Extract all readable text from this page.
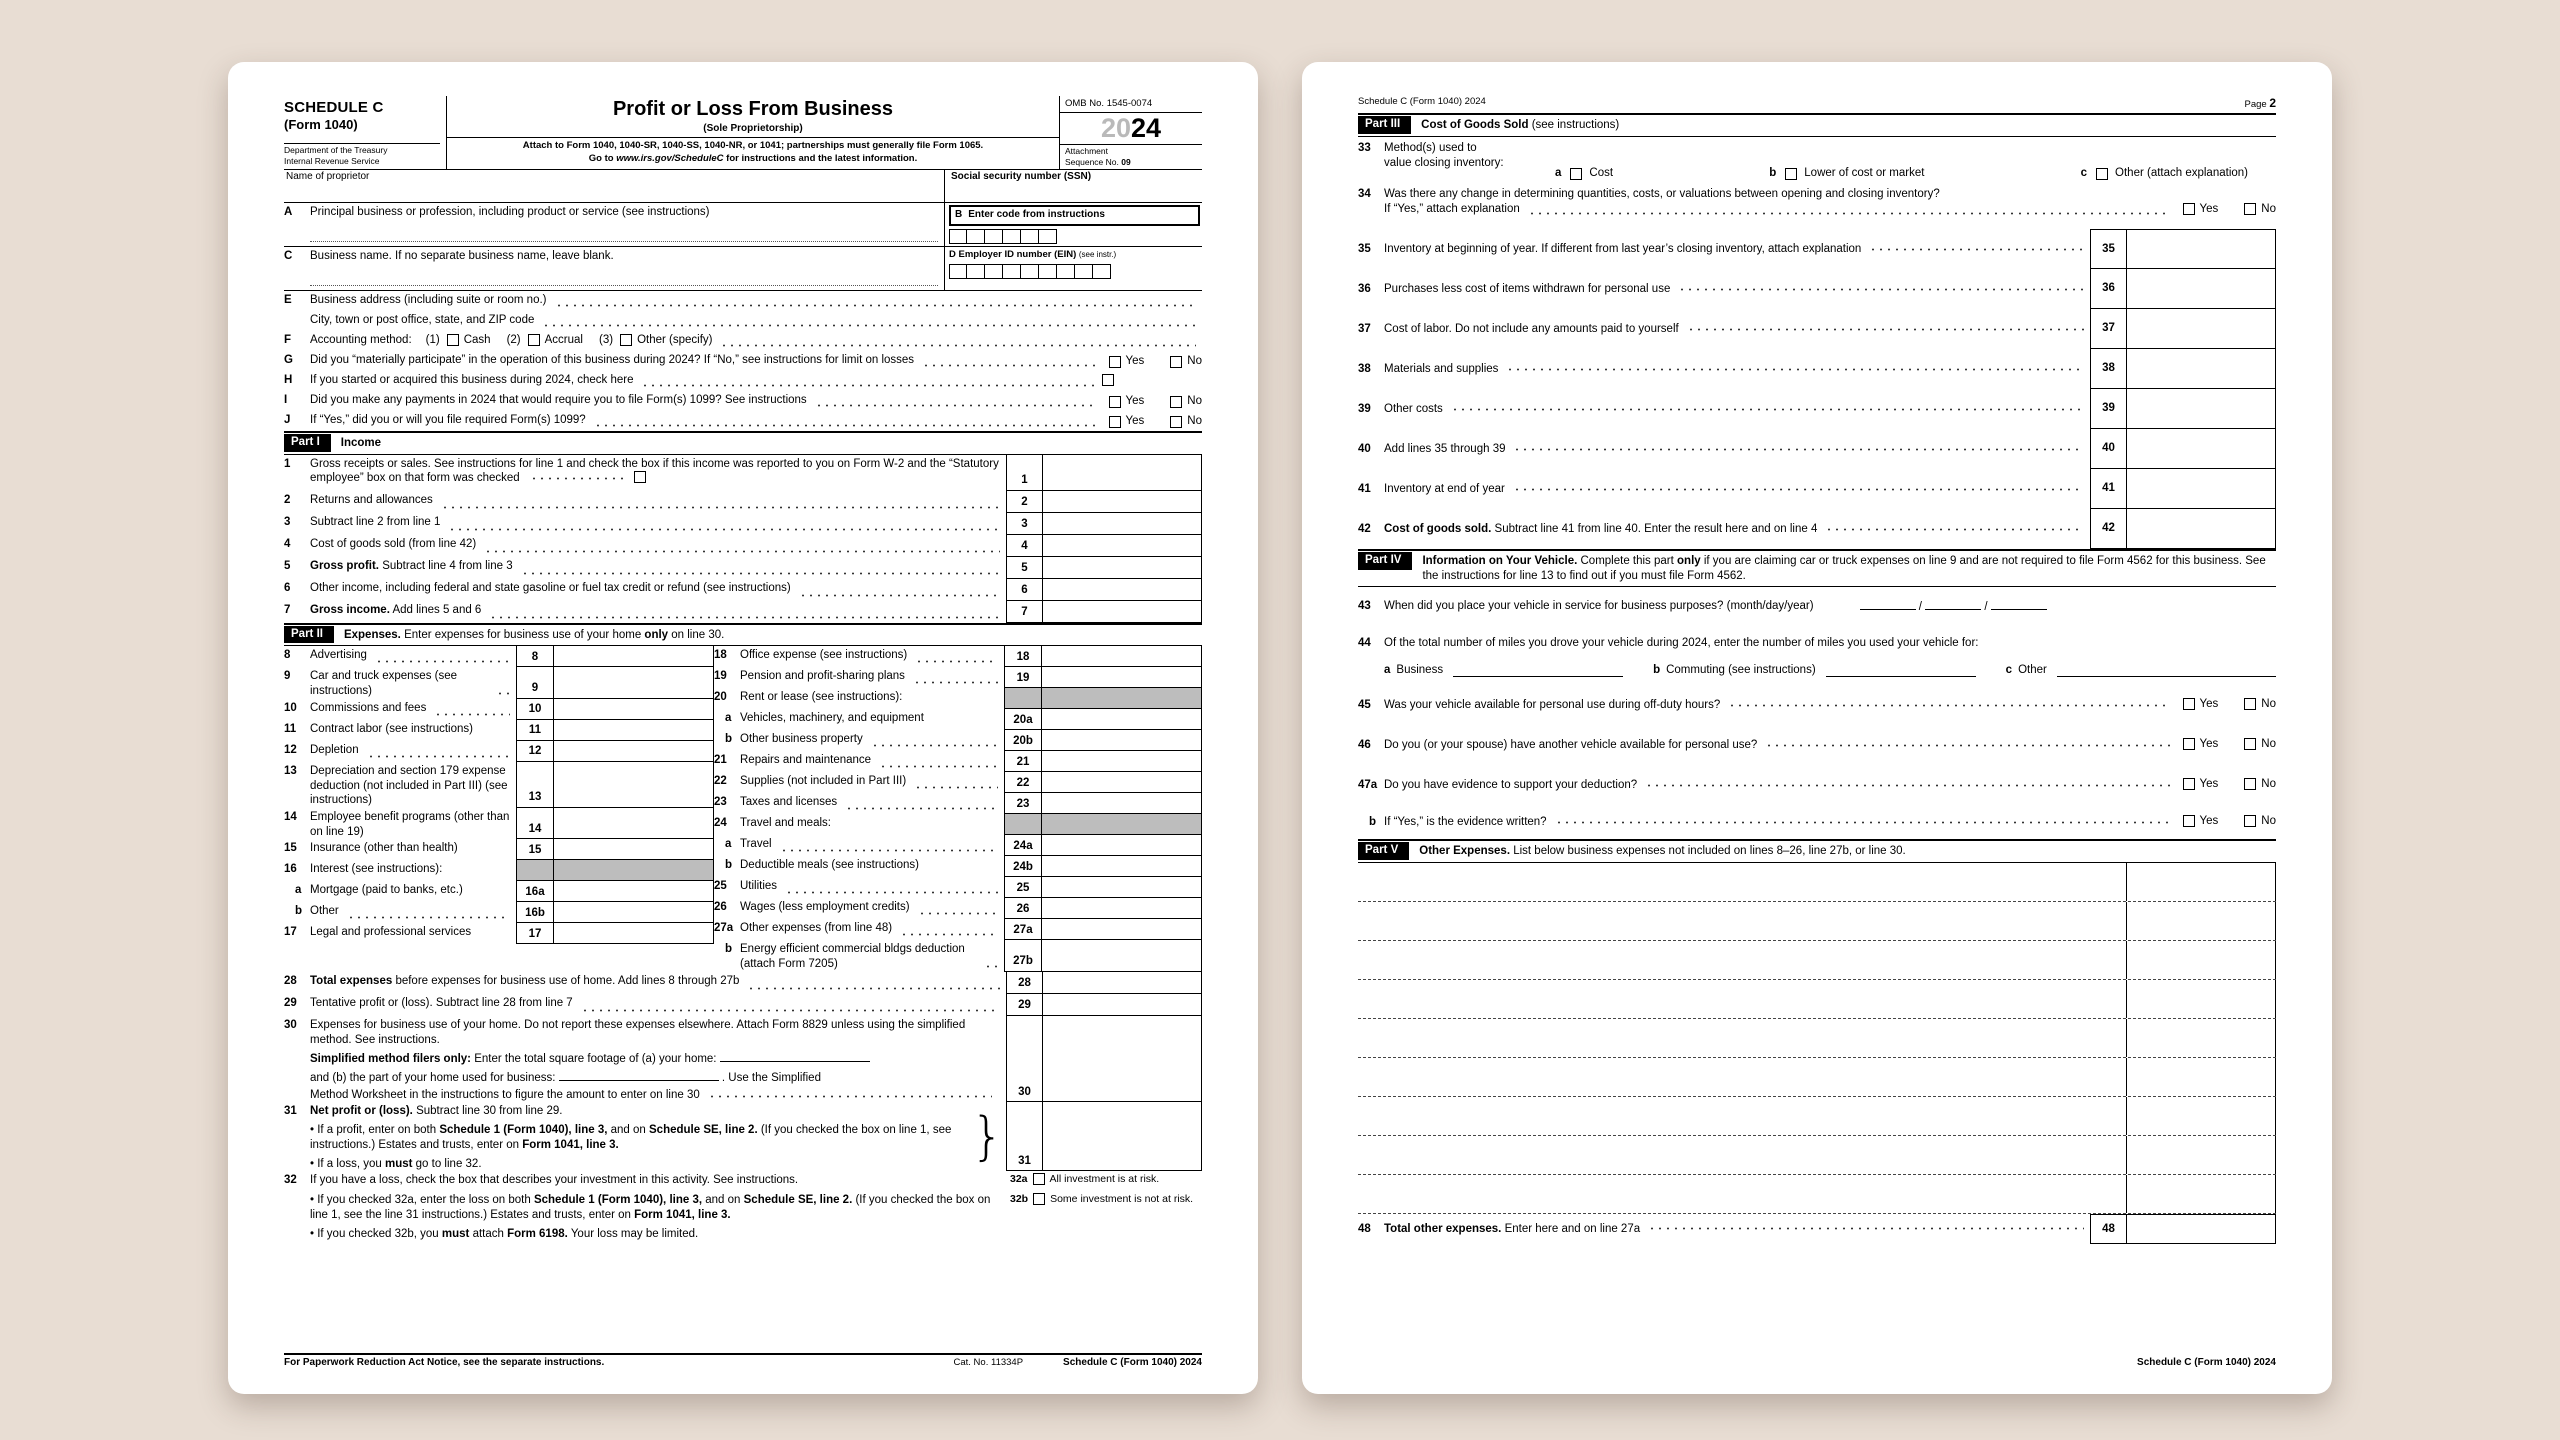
SCHEDULE C
(Form 1040)
Department of the Treasury
Internal Revenue Service
Profit or Loss From Business
(Sole Proprietorship)
Attach to Form 1040, 1040-SR, 1040-SS, 1040-NR, or 1041; partnerships must generally file Form 1065.
Go to www.irs.gov/ScheduleC for instructions and the latest information.
OMB No. 1545-0074
2024
Attachment
Sequence No. 09
Name of proprietor	Social security number (SSN)
A	Principal business or profession, including product or service (see instructions)	B Enter code from instructions
C	Business name. If no separate business name, leave blank.	D Employer ID number (EIN) (see instr.)
E	Business address (including suite or room no.)
City, town or post office, state, and ZIP code
F	Accounting method: (1) Cash (2) Accrual (3) Other (specify)
G	Did you “materially participate” in the operation of this business during 2024? If “No,” see instructions for limit on losses	Yes	No
H	If you started or acquired this business during 2024, check here
I	Did you make any payments in 2024 that would require you to file Form(s) 1099? See instructions	Yes	No
J	If “Yes,” did you or will you file required Form(s) 1099?	Yes	No
Part I	Income
1	Gross receipts or sales. See instructions for line 1 and check the box if this income was reported to you on Form W-2 and the “Statutory employee” box on that form was checked	1
2	Returns and allowances	2
3	Subtract line 2 from line 1	3
4	Cost of goods sold (from line 42)	4
5	Gross profit. Subtract line 4 from line 3	5
6	Other income, including federal and state gasoline or fuel tax credit or refund (see instructions)	6
7	Gross income. Add lines 5 and 6	7
Part II	Expenses. Enter expenses for business use of your home only on line 30.
8	Advertising	8
9	Car and truck expenses (see instructions)	9
10	Commissions and fees	10
11	Contract labor (see instructions)	11
12	Depletion	12
13	Depreciation and section 179 expense deduction (not included in Part III) (see instructions)	13
14	Employee benefit programs (other than on line 19)	14
15	Insurance (other than health)	15
16	Interest (see instructions):
a Mortgage (paid to banks, etc.)	16a
b Other	16b
17	Legal and professional services	17
18	Office expense (see instructions)	18
19	Pension and profit-sharing plans	19
20	Rent or lease (see instructions):
a Vehicles, machinery, and equipment	20a
b Other business property	20b
21	Repairs and maintenance	21
22	Supplies (not included in Part III)	22
23	Taxes and licenses	23
24	Travel and meals:
a Travel	24a
b Deductible meals (see instructions)	24b
25	Utilities	25
26	Wages (less employment credits)	26
27a Other expenses (from line 48)	27a
b Energy efficient commercial bldgs deduction (attach Form 7205)	27b
28	Total expenses before expenses for business use of home. Add lines 8 through 27b	28
29	Tentative profit or (loss). Subtract line 28 from line 7	29
30	Expenses for business use of your home. Do not report these expenses elsewhere. Attach Form 8829 unless using the simplified method. See instructions.
Simplified method filers only: Enter the total square footage of (a) your home:
and (b) the part of your home used for business:	. Use the Simplified
Method Worksheet in the instructions to figure the amount to enter on line 30	30
31	Net profit or (loss). Subtract line 30 from line 29.
• If a profit, enter on both Schedule 1 (Form 1040), line 3, and on Schedule SE, line 2. (If you checked the box on line 1, see instructions.) Estates and trusts, enter on Form 1041, line 3.
• If a loss, you must go to line 32.	}	31
32	If you have a loss, check the box that describes your investment in this activity. See instructions.
• If you checked 32a, enter the loss on both Schedule 1 (Form 1040), line 3, and on Schedule SE, line 2. (If you checked the box on line 1, see the line 31 instructions.) Estates and trusts, enter on Form 1041, line 3.
• If you checked 32b, you must attach Form 6198. Your loss may be limited.
32a All investment is at risk.
32b Some investment is not at risk.
For Paperwork Reduction Act Notice, see the separate instructions.	Cat. No. 11334P	Schedule C (Form 1040) 2024
Schedule C (Form 1040) 2024	Page 2
Part III	Cost of Goods Sold (see instructions)
33	Method(s) used to
value closing inventory:
a Cost	b Lower of cost or market	c Other (attach explanation)
34	Was there any change in determining quantities, costs, or valuations between opening and closing inventory?
If “Yes,” attach explanation	Yes	No
35	Inventory at beginning of year. If different from last year’s closing inventory, attach explanation	35
36	Purchases less cost of items withdrawn for personal use	36
37	Cost of labor. Do not include any amounts paid to yourself	37
38	Materials and supplies	38
39	Other costs	39
40	Add lines 35 through 39	40
41	Inventory at end of year	41
42	Cost of goods sold. Subtract line 41 from line 40. Enter the result here and on line 4	42
Part IV	Information on Your Vehicle. Complete this part only if you are claiming car or truck expenses on line 9 and are not required to file Form 4562 for this business. See the instructions for line 13 to find out if you must file Form 4562.
43	When did you place your vehicle in service for business purposes? (month/day/year)	/	/
44	Of the total number of miles you drove your vehicle during 2024, enter the number of miles you used your vehicle for:
a Business	b Commuting (see instructions)	c Other
45	Was your vehicle available for personal use during off-duty hours?	Yes	No
46	Do you (or your spouse) have another vehicle available for personal use?	Yes	No
47a Do you have evidence to support your deduction?	Yes	No
b If “Yes,” is the evidence written?	Yes	No
Part V	Other Expenses. List below business expenses not included on lines 8–26, line 27b, or line 30.
48	Total other expenses. Enter here and on line 27a	48
Schedule C (Form 1040) 2024
